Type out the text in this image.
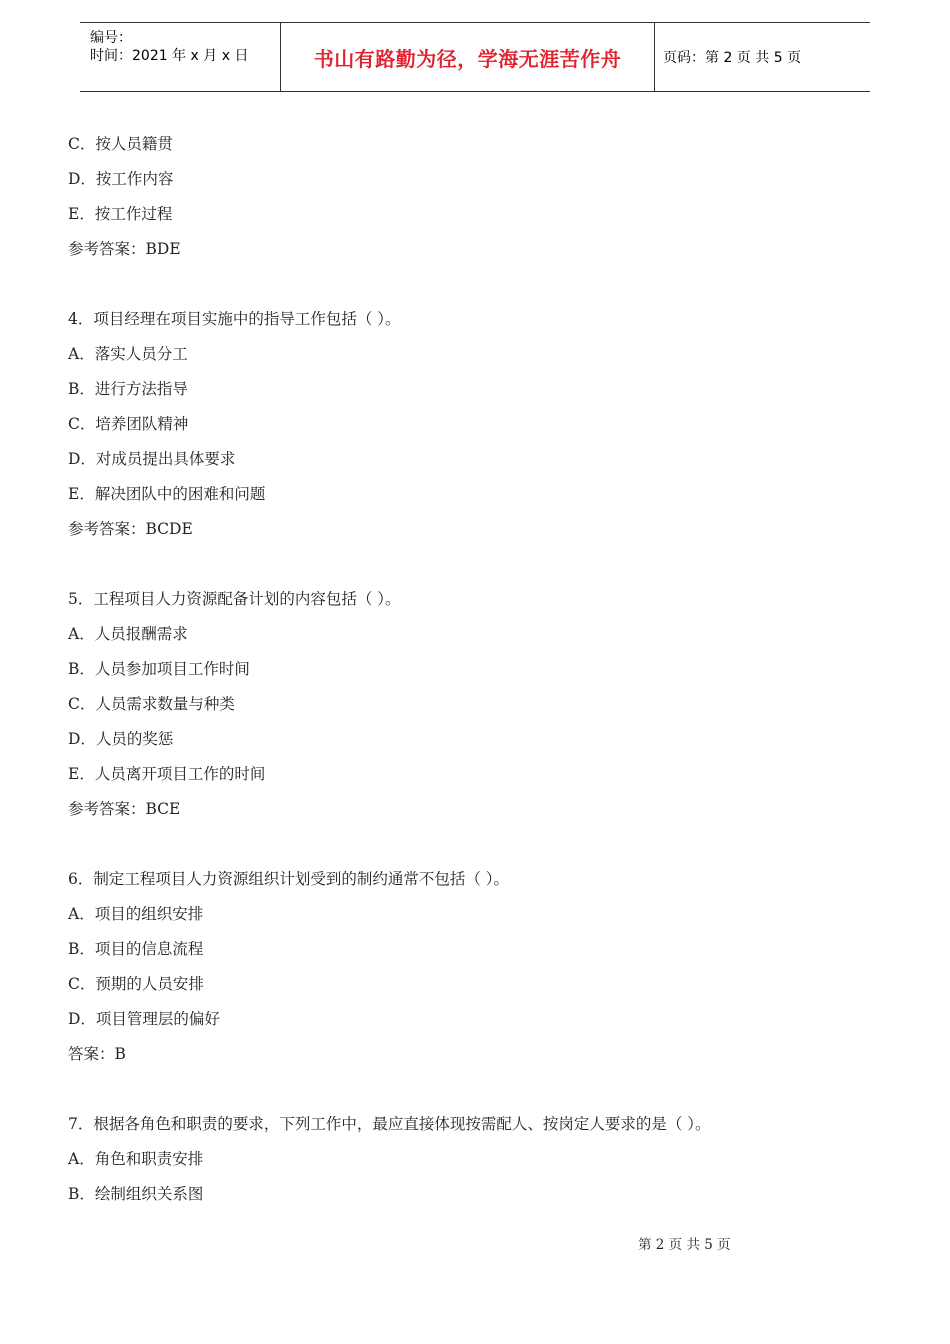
编号：
时间：2021 年 x 月 x 日	书山有路勤为径，学海无涯苦作舟	页码：第 2 页 共 5 页
C．按人员籍贯
D．按工作内容
E．按工作过程
参考答案：BDE
4．项目经理在项目实施中的指导工作包括（ ）。
A．落实人员分工
B．进行方法指导
C．培养团队精神
D．对成员提出具体要求
E．解决团队中的困难和问题
参考答案：BCDE
5．工程项目人力资源配备计划的内容包括（ ）。
A．人员报酬需求
B．人员参加项目工作时间
C．人员需求数量与种类
D．人员的奖惩
E．人员离开项目工作的时间
参考答案：BCE
6．制定工程项目人力资源组织计划受到的制约通常不包括（ ）。
A．项目的组织安排
B．项目的信息流程
C．预期的人员安排
D．项目管理层的偏好
答案：B
7．根据各角色和职责的要求，下列工作中，最应直接体现按需配人、按岗定人要求的是（ ）。
A．角色和职责安排
B．绘制组织关系图
第 2 页 共 5 页
